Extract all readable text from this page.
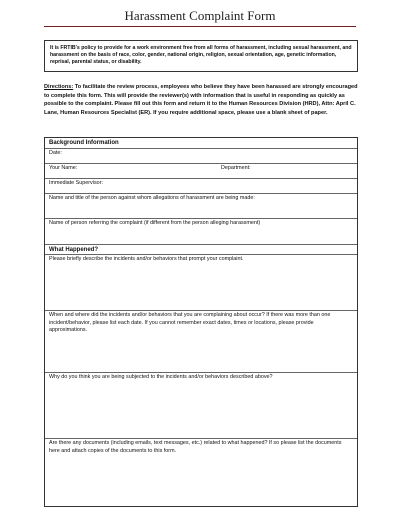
Harassment Complaint Form
It is FRTIB's policy to provide for a work environment free from all forms of harassment, including sexual harassment, and harassment on the basis of race, color, gender, national origin, religion, sexual orientation, age, genetic information, reprisal, parental status, or disability.
Directions: To facilitate the review process, employees who believe they have been harassed are strongly encouraged to complete this form. This will provide the reviewer(s) with information that is useful in responding as quickly as possible to the complaint. Please fill out this form and return it to the Human Resources Division (HRD), Attn: April C. Lane, Human Resources Specialist (ER). If you require additional space, please use a blank sheet of paper.
Background Information
Date:
Your Name:	Department:
Immediate Supervisor:
Name and title of the person against whom allegations of harassment are being made:
Name of person referring the complaint (if different from the person alleging harassment)
What Happened?
Please briefly describe the incidents and/or behaviors that prompt your complaint.
When and where did the incidents and/or behaviors that you are complaining about occur? If there was more than one incident/behavior, please list each date. If you cannot remember exact dates, times or locations, please provide approximations.
Why do you think you are being subjected to the incidents and/or behaviors described above?
Are there any documents (including emails, text messages, etc.) related to what happened? If so please list the documents here and attach copies of the documents to this form.
